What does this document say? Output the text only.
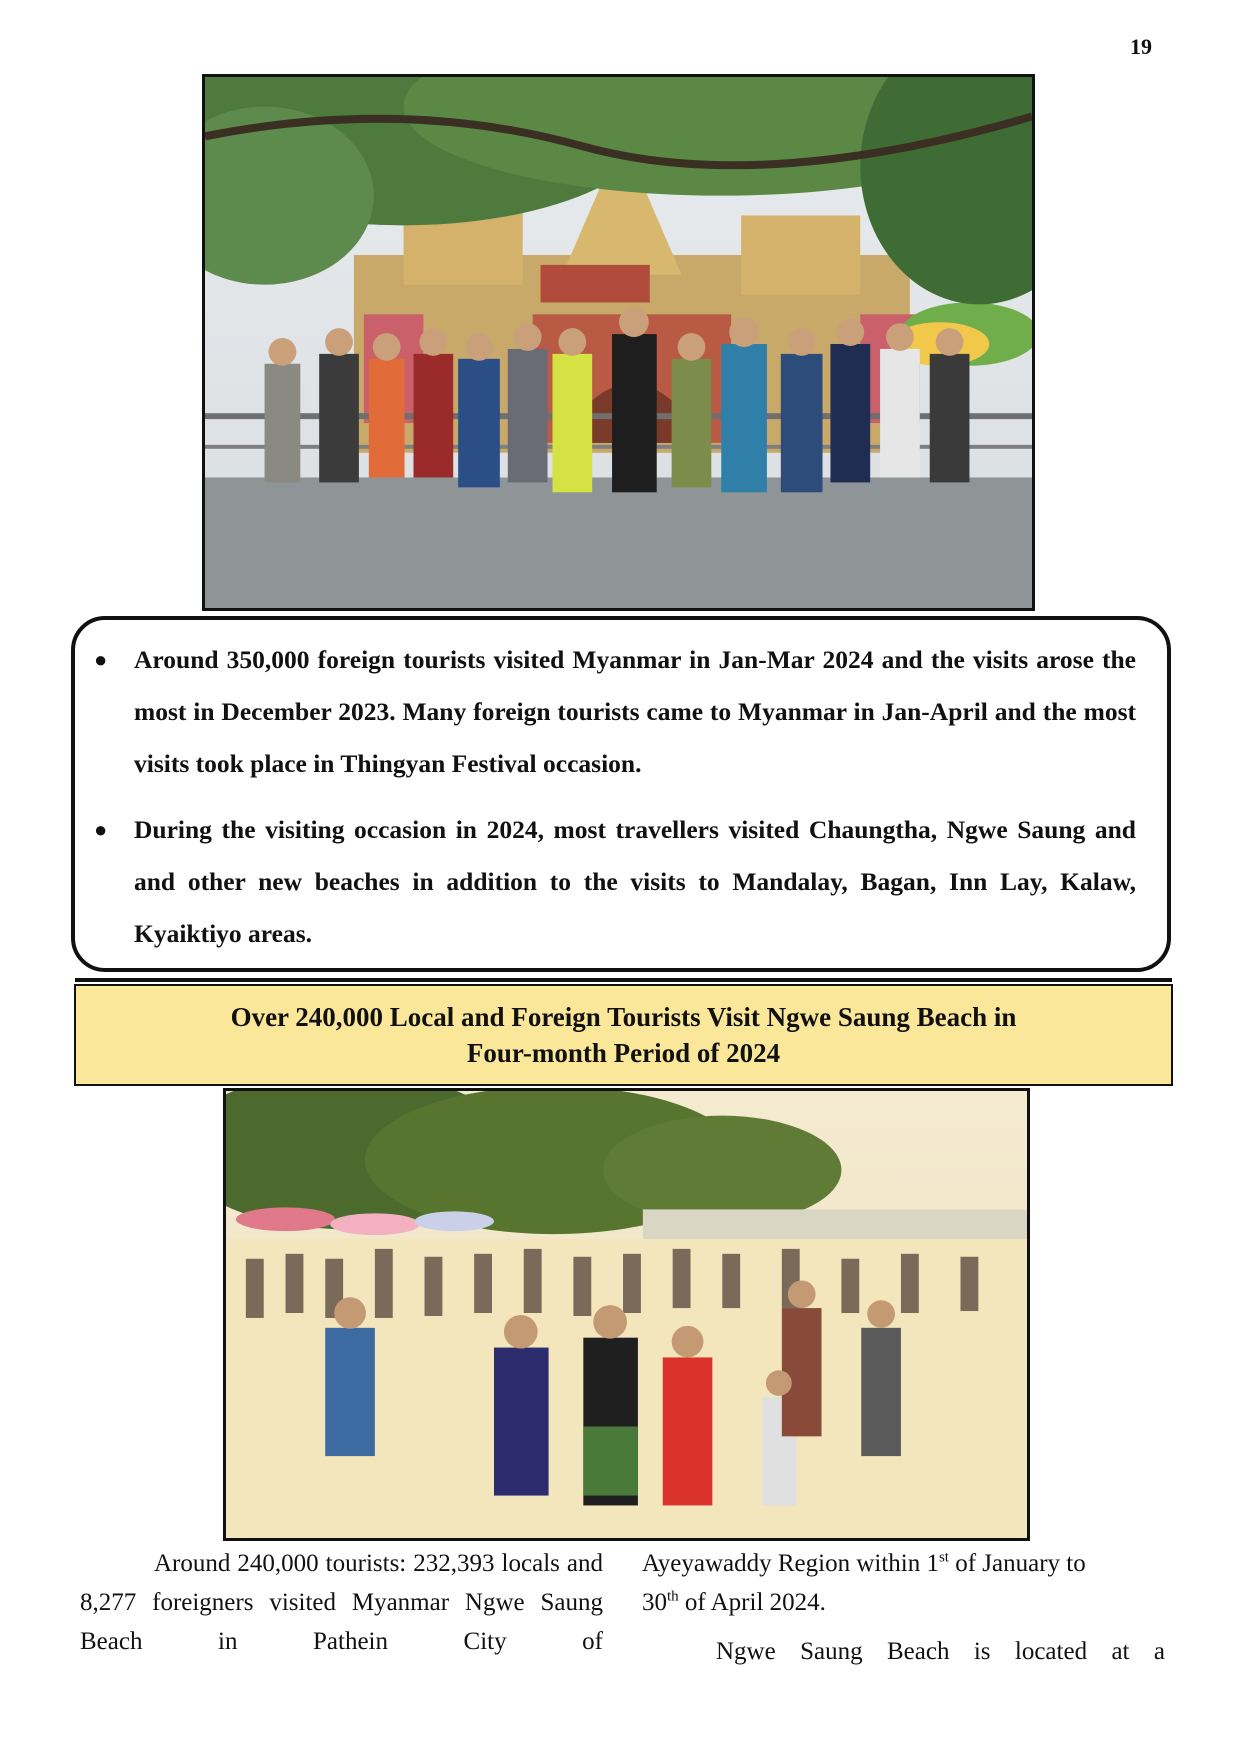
19
● Around 350,000 foreign tourists visited Myanmar in Jan-Mar 2024 and the visits arose the most in December 2023. Many foreign tourists came to Myanmar in Jan-April and the most visits took place in Thingyan Festival occasion.
● During the visiting occasion in 2024, most travellers visited Chaungtha, Ngwe Saung and and other new beaches in addition to the visits to Mandalay, Bagan, Inn Lay, Kalaw, Kyaiktiyo areas.
Over 240,000 Local and Foreign Tourists Visit Ngwe Saung Beach in
Four-month Period of 2024
Around 240,000 tourists: 232,393 locals and 8,277 foreigners visited Myanmar Ngwe Saung Beach in Pathein City of
Ayeyawaddy Region within 1st of January to
30th of April 2024.
Ngwe Saung Beach is located at a
